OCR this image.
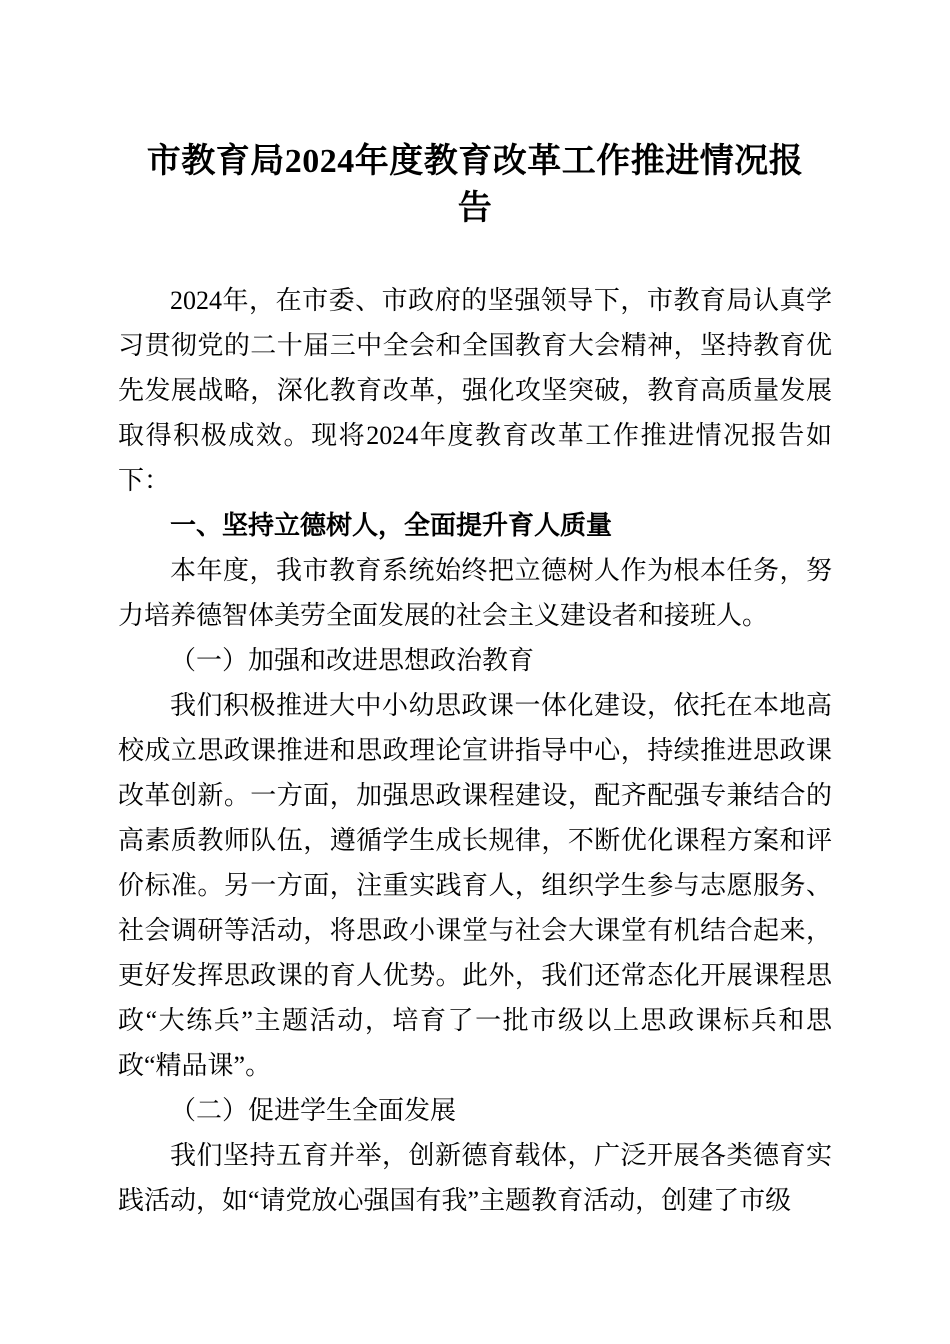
市教育局2024年度教育改革工作推进情况报告

2024年，在市委、市政府的坚强领导下，市教育局认真学习贯彻党的二十届三中全会和全国教育大会精神，坚持教育优先发展战略，深化教育改革，强化攻坚突破，教育高质量发展取得积极成效。现将2024年度教育改革工作推进情况报告如下：

一、坚持立德树人，全面提升育人质量

本年度，我市教育系统始终把立德树人作为根本任务，努力培养德智体美劳全面发展的社会主义建设者和接班人。

（一）加强和改进思想政治教育

我们积极推进大中小幼思政课一体化建设，依托在本地高校成立思政课推进和思政理论宣讲指导中心，持续推进思政课改革创新。一方面，加强思政课程建设，配齐配强专兼结合的高素质教师队伍，遵循学生成长规律，不断优化课程方案和评价标准。另一方面，注重实践育人，组织学生参与志愿服务、社会调研等活动，将思政小课堂与社会大课堂有机结合起来，更好发挥思政课的育人优势。此外，我们还常态化开展课程思政“大练兵”主题活动，培育了一批市级以上思政课标兵和思政“精品课”。

（二）促进学生全面发展

我们坚持五育并举，创新德育载体，广泛开展各类德育实践活动，如“请党放心强国有我”主题教育活动，创建了市级
